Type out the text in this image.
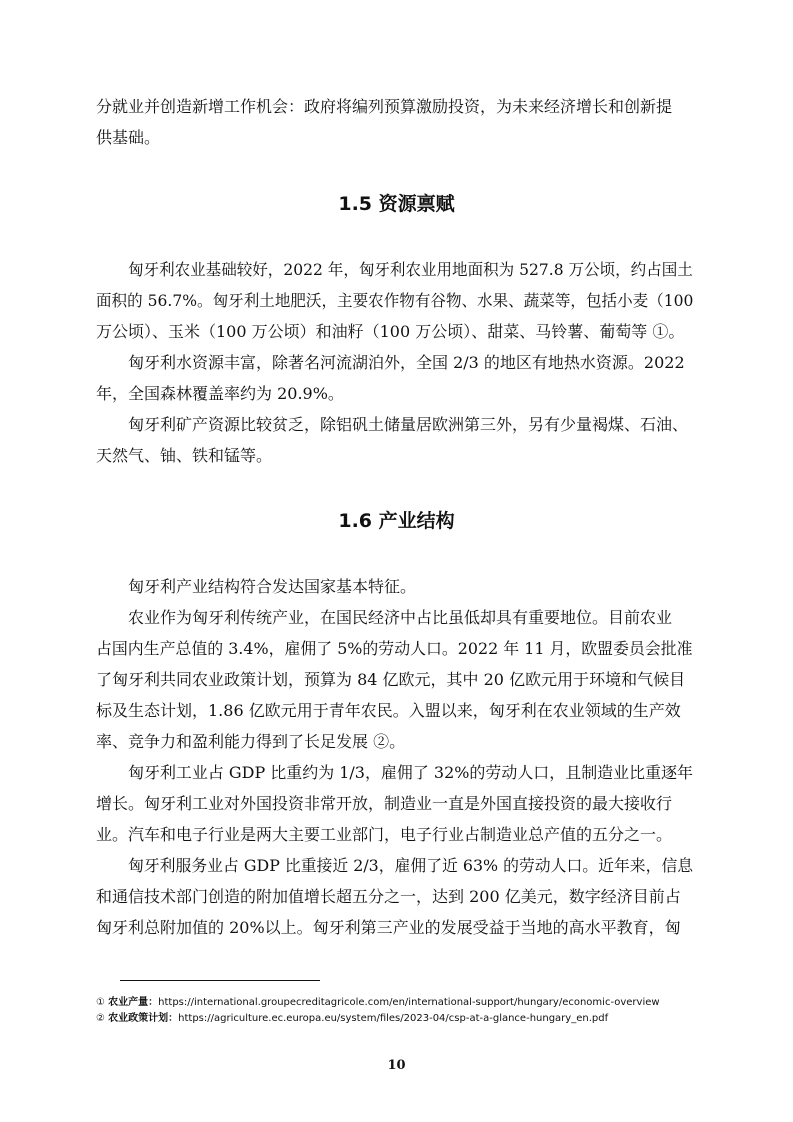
分就业并创造新增工作机会：政府将编列预算激励投资，为未来经济增长和创新提
供基础。
1.5 资源禀赋
匈牙利农业基础较好，2022 年，匈牙利农业用地面积为 527.8 万公顷，约占国土
面积的 56.7%。匈牙利土地肥沃，主要农作物有谷物、水果、蔬菜等，包括小麦（100
万公顷）、玉米（100 万公顷）和油籽（100 万公顷）、甜菜、马铃薯、葡萄等 ①。
匈牙利水资源丰富，除著名河流湖泊外，全国 2/3 的地区有地热水资源。2022
年，全国森林覆盖率约为 20.9%。
匈牙利矿产资源比较贫乏，除铝矾土储量居欧洲第三外，另有少量褐煤、石油、
天然气、铀、铁和锰等。
1.6 产业结构
匈牙利产业结构符合发达国家基本特征。
农业作为匈牙利传统产业，在国民经济中占比虽低却具有重要地位。目前农业
占国内生产总值的 3.4%，雇佣了 5%的劳动人口。2022 年 11 月，欧盟委员会批准
了匈牙利共同农业政策计划，预算为 84 亿欧元，其中 20 亿欧元用于环境和气候目
标及生态计划，1.86 亿欧元用于青年农民。入盟以来，匈牙利在农业领域的生产效
率、竞争力和盈利能力得到了长足发展 ②。
匈牙利工业占 GDP 比重约为 1/3，雇佣了 32%的劳动人口，且制造业比重逐年
增长。匈牙利工业对外国投资非常开放，制造业一直是外国直接投资的最大接收行
业。汽车和电子行业是两大主要工业部门，电子行业占制造业总产值的五分之一。
匈牙利服务业占 GDP 比重接近 2/3，雇佣了近 63% 的劳动人口。近年来，信息
和通信技术部门创造的附加值增长超五分之一，达到 200 亿美元，数字经济目前占
匈牙利总附加值的 20%以上。匈牙利第三产业的发展受益于当地的高水平教育，匈
① 农业产量：https://international.groupecreditagricole.com/en/international-support/hungary/economic-overview
② 农业政策计划：https://agriculture.ec.europa.eu/system/files/2023-04/csp-at-a-glance-hungary_en.pdf
10
